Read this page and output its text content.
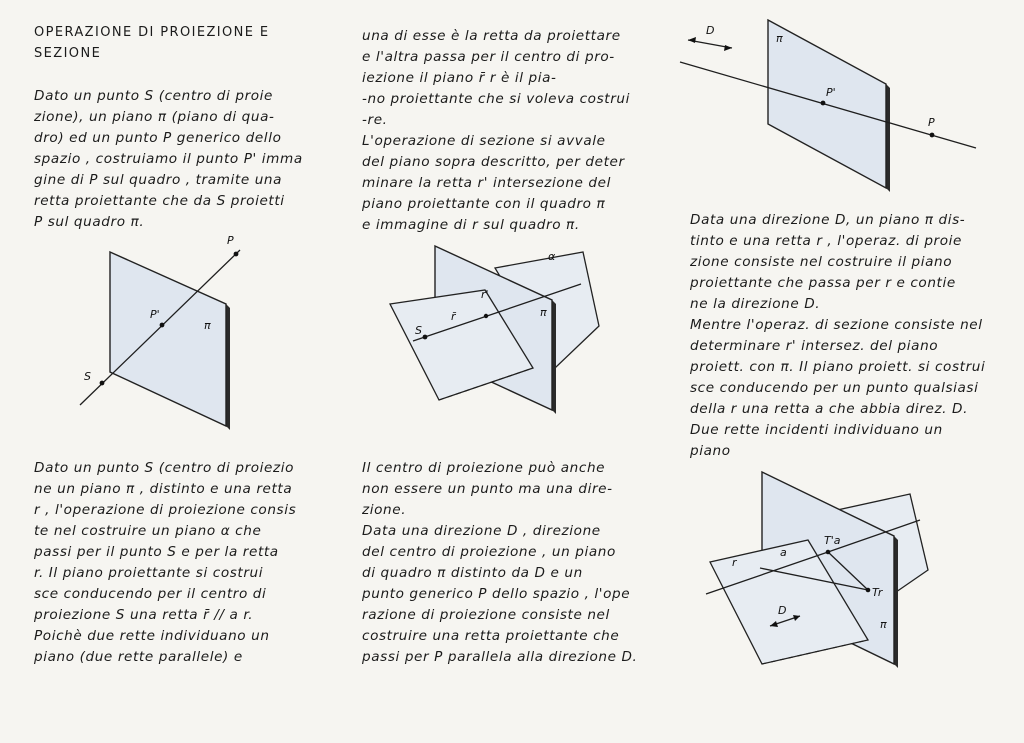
OPERAZIONE DI PROIEZIONE E
SEZIONE
Dato un punto S (centro di proie
zione), un piano π (piano di qua-
dro) ed un punto P generico dello
spazio , costruiamo il punto P' imma
gine di P sul quadro , tramite una
retta proiettante che da S proietti
P sul quadro π.
P
P'
S
π
Dato un punto S (centro di proiezio
ne un piano π , distinto e una retta
r , l'operazione di proiezione consis
te nel costruire un piano α che
passi per il punto S e per la retta
r. Il piano proiettante si costrui
sce conducendo per il centro di
proiezione S una retta r̄ // a r.
Poichè due rette individuano un
piano (due rette parallele) e
una di esse è la retta da proiettare
e l'altra passa per il centro di pro-
iezione il piano r̄ r è il pia-
-no proiettante che si voleva costrui
-re.
L'operazione di sezione si avvale
del piano sopra descritto, per deter
minare la retta r' intersezione del
piano proiettante con il quadro π
e immagine di r sul quadro π.
S
r̄
r'
α
π
Il centro di proiezione può anche
non essere un punto ma una dire-
zione.
Data una direzione D , direzione
del centro di proiezione , un piano
di quadro π distinto da D e un
punto generico P dello spazio , l'ope
razione di proiezione consiste nel
costruire una retta proiettante che
passi per P parallela alla direzione D.
D
π
P'
P
Data una direzione D, un piano π dis-
tinto e una retta r , l'operaz. di proie
zione consiste nel costruire il piano
proiettante che passa per r e contie
ne la direzione D.
Mentre l'operaz. di sezione consiste nel
determinare r' intersez. del piano
proiett. con π. Il piano proiett. si costrui
sce conducendo per un punto qualsiasi
della r una retta a che abbia direz. D.
Due rette incidenti individuano un
piano
r
a
T'a
Tr
π
D
